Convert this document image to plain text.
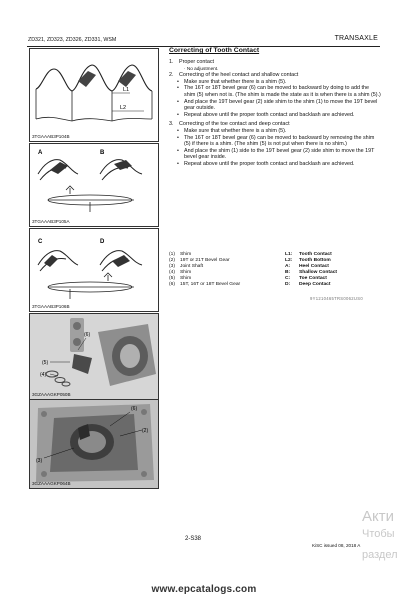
ZD321, ZD323, ZD326, ZD331, WSM	TRANSAXLE
L1
L2
3TGAAAB3P104B
A	B
3TGAAAB3P105A
C	D
3TGAAAB3P106B
(6)
(5)
(4)
3GZAAAGKP050B
(6)
(2)
(3)
3GZAAAGKP064B
Correcting of Tooth Contact
1.	Proper contact
· No adjustment.
2.	Correcting of the heel contact and shallow contact
• Make sure that whether there is a shim (5).
• The 16T or 18T bevel gear (6) can be moved to backward by doing to add the shim (5) when not is. (The shim is made the state as it is when there is a shim (5).)
• And place the 19T bevel gear (2) side shim to the shim (1) to move the 19T bevel gear outside.
• Repeat above until the proper tooth contact and backlash are achieved.
3.	Correcting of the toe contact and deep contact
• Make sure that whether there is a shim (5).
• The 16T or 18T bevel gear (6) can be moved to backward by removing the shim (5) if there is a shim. (The shim (5) is not put when there is no shim.)
• And place the shim (1) side to the 19T bevel gear (2) side shim to move the 19T bevel gear inside.
• Repeat above until the proper tooth contact and backlash are achieved.
(1)	Shim	L1:	Tooth Contact
(2)	19T or 21T Bevel Gear	L2:	Tooth Bottom
(3)	Joint Shaft	A:	Heel Contact
(4)	Shim	B:	Shallow Contact
(5)	Shim	C:	Toe Contact
(6)	15T, 16T or 18T Bevel Gear	D:	Deep Contact
9Y1210465TRS0062US0
2-S38
KiSC issued 08, 2018 A
Акти
Чтобы
раздел
www.epcatalogs.com
